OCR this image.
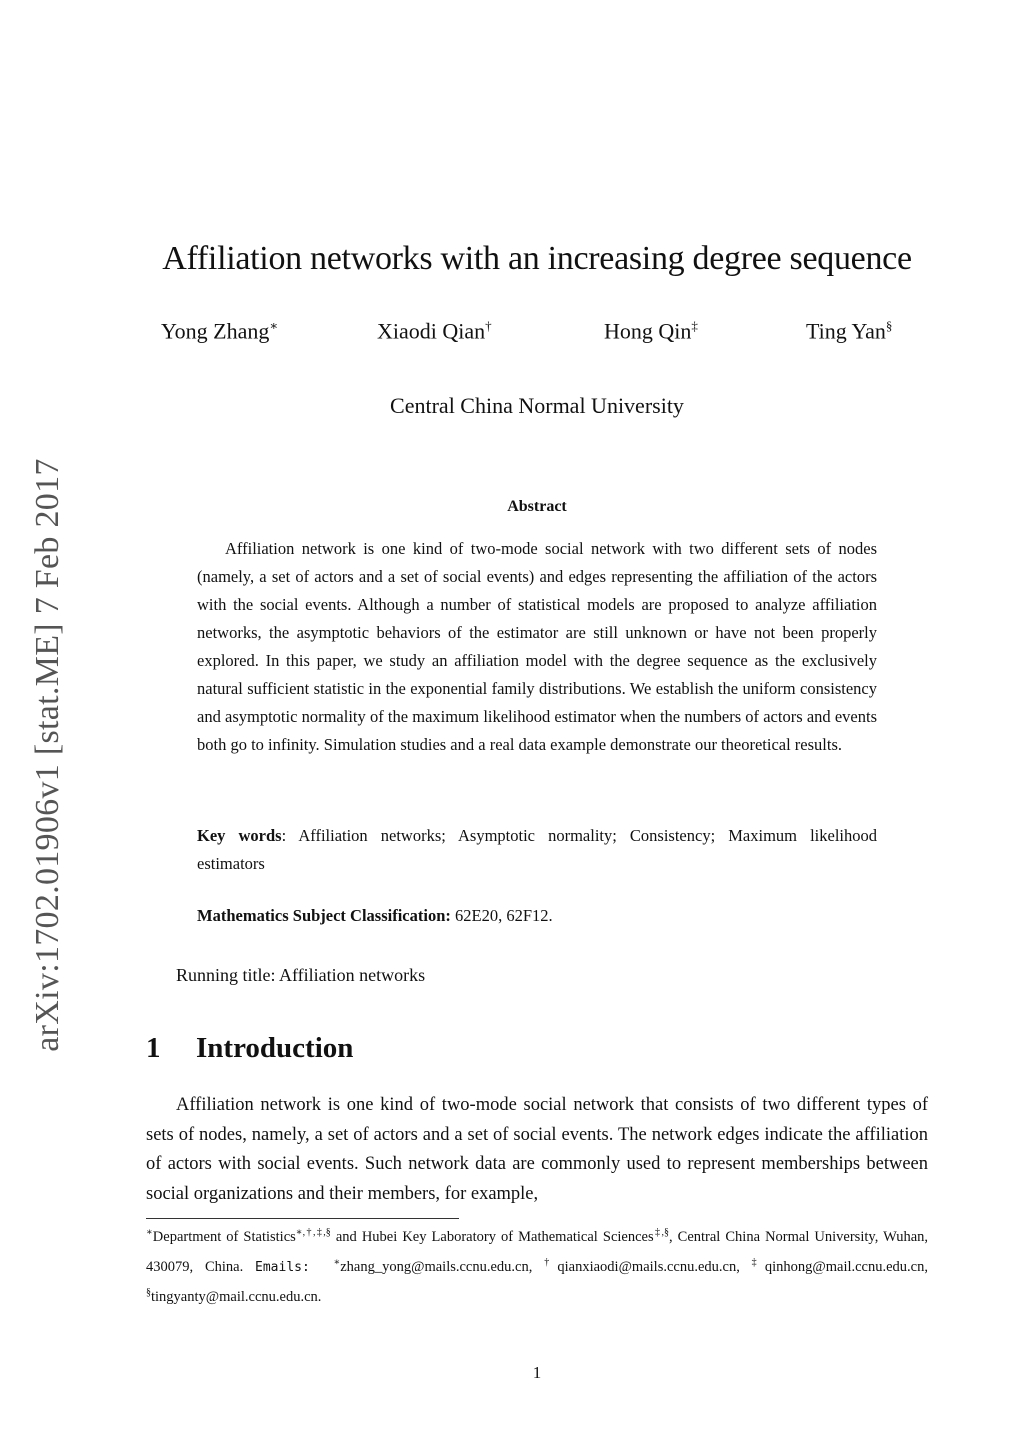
arXiv:1702.01906v1 [stat.ME] 7 Feb 2017
Affiliation networks with an increasing degree sequence
Yong Zhang∗	Xiaodi Qian†	Hong Qin‡	Ting Yan§
Central China Normal University
Abstract
Affiliation network is one kind of two-mode social network with two different sets of nodes (namely, a set of actors and a set of social events) and edges representing the affiliation of the actors with the social events. Although a number of statistical models are proposed to analyze affiliation networks, the asymptotic behaviors of the estimator are still unknown or have not been properly explored. In this paper, we study an affiliation model with the degree sequence as the exclusively natural sufficient statistic in the exponential family distributions. We establish the uniform consistency and asymptotic normality of the maximum likelihood estimator when the numbers of actors and events both go to infinity. Simulation studies and a real data example demonstrate our theoretical results.
Key words: Affiliation networks; Asymptotic normality; Consistency; Maximum likelihood estimators
Mathematics Subject Classification: 62E20, 62F12.
Running title: Affiliation networks
1 Introduction
Affiliation network is one kind of two-mode social network that consists of two different types of sets of nodes, namely, a set of actors and a set of social events. The network edges indicate the affiliation of actors with social events. Such network data are commonly used to represent memberships between social organizations and their members, for example,
∗Department of Statistics∗,†,‡,§ and Hubei Key Laboratory of Mathematical Sciences‡,§, Central China Normal University, Wuhan, 430079, China. Emails: ∗zhang_yong@mails.ccnu.edu.cn, †qianxiaodi@mails.ccnu.edu.cn, ‡qinhong@mail.ccnu.edu.cn, §tingyanty@mail.ccnu.edu.cn.
1
